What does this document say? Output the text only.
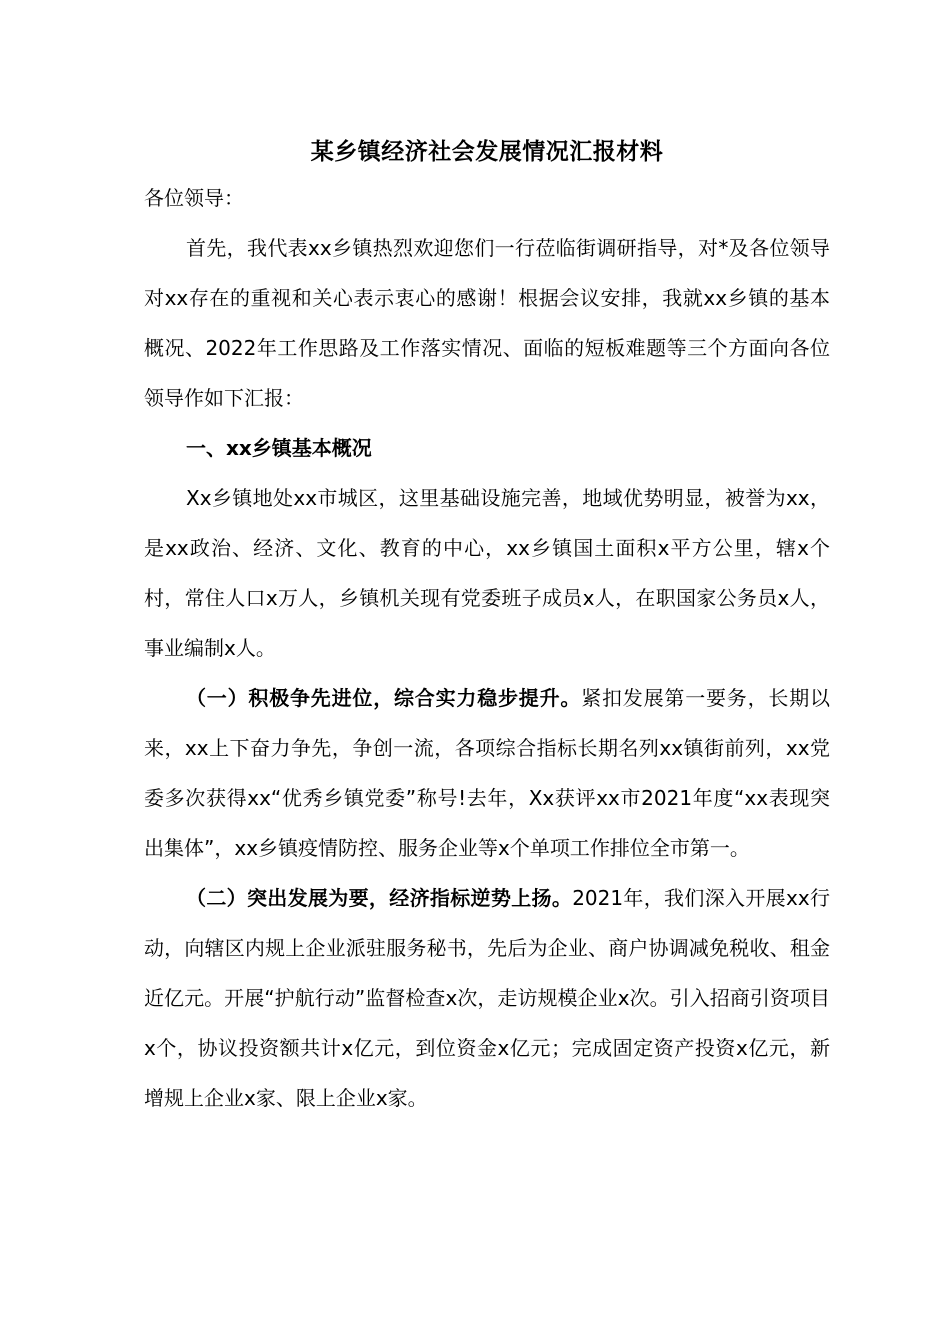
某乡镇经济社会发展情况汇报材料

各位领导：

首先，我代表xx乡镇热烈欢迎您们一行莅临街调研指导，对*及各位领导对xx存在的重视和关心表示衷心的感谢！根据会议安排，我就xx乡镇的基本概况、2022年工作思路及工作落实情况、面临的短板难题等三个方面向各位领导作如下汇报：

一、xx乡镇基本概况

Xx乡镇地处xx市城区，这里基础设施完善，地域优势明显，被誉为xx，是xx政治、经济、文化、教育的中心，xx乡镇国土面积x平方公里，辖x个村，常住人口x万人，乡镇机关现有党委班子成员x人，在职国家公务员x人，事业编制x人。

（一）积极争先进位，综合实力稳步提升。紧扣发展第一要务，长期以来，xx上下奋力争先，争创一流，各项综合指标长期名列xx镇街前列，xx党委多次获得xx“优秀乡镇党委”称号!去年，Xx获评xx市2021年度“xx表现突出集体”，xx乡镇疫情防控、服务企业等x个单项工作排位全市第一。

（二）突出发展为要，经济指标逆势上扬。2021年，我们深入开展xx行动，向辖区内规上企业派驻服务秘书，先后为企业、商户协调减免税收、租金近亿元。开展“护航行动”监督检查x次，走访规模企业x次。引入招商引资项目x个，协议投资额共计x亿元，到位资金x亿元；完成固定资产投资x亿元，新增规上企业x家、限上企业x家。
